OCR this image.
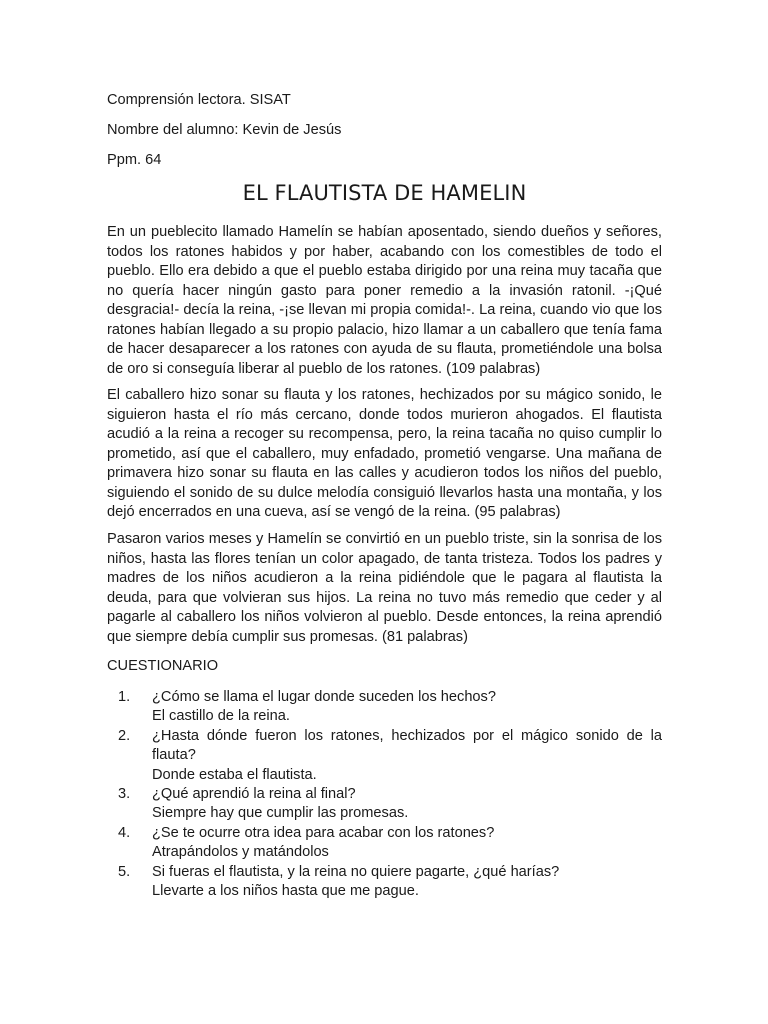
Comprensión lectora. SISAT
Nombre del alumno: Kevin de Jesús
Ppm. 64
EL FLAUTISTA DE HAMELIN

En un pueblecito llamado Hamelín se habían aposentado, siendo dueños y señores, todos los ratones habidos y por haber, acabando con los comestibles de todo el pueblo. Ello era debido a que el pueblo estaba dirigido por una reina muy tacaña que no quería hacer ningún gasto para poner remedio a la invasión ratonil. -¡Qué desgracia!- decía la reina, -¡se llevan mi propia comida!-. La reina, cuando vio que los ratones habían llegado a su propio palacio, hizo llamar a un caballero que tenía fama de hacer desaparecer a los ratones con ayuda de su flauta, prometiéndole una bolsa de oro si conseguía liberar al pueblo de los ratones. (109 palabras)

El caballero hizo sonar su flauta y los ratones, hechizados por su mágico sonido, le siguieron hasta el río más cercano, donde todos murieron ahogados. El flautista acudió a la reina a recoger su recompensa, pero, la reina tacaña no quiso cumplir lo prometido, así que el caballero, muy enfadado, prometió vengarse. Una mañana de primavera hizo sonar su flauta en las calles y acudieron todos los niños del pueblo, siguiendo el sonido de su dulce melodía consiguió llevarlos hasta una montaña, y los dejó encerrados en una cueva, así se vengó de la reina. (95 palabras)

Pasaron varios meses y Hamelín se convirtió en un pueblo triste, sin la sonrisa de los niños, hasta las flores tenían un color apagado, de tanta tristeza. Todos los padres y madres de los niños acudieron a la reina pidiéndole que le pagara al flautista la deuda, para que volvieran sus hijos. La reina no tuvo más remedio que ceder y al pagarle al caballero los niños volvieron al pueblo. Desde entonces, la reina aprendió que siempre debía cumplir sus promesas. (81 palabras)

CUESTIONARIO
1. ¿Cómo se llama el lugar donde suceden los hechos?
El castillo de la reina.
2. ¿Hasta dónde fueron los ratones, hechizados por el mágico sonido de la flauta?
Donde estaba el flautista.
3. ¿Qué aprendió la reina al final?
Siempre hay que cumplir las promesas.
4. ¿Se te ocurre otra idea para acabar con los ratones?
Atrapándolos y matándolos
5. Si fueras el flautista, y la reina no quiere pagarte, ¿qué harías?
Llevarte a los niños hasta que me pague.
